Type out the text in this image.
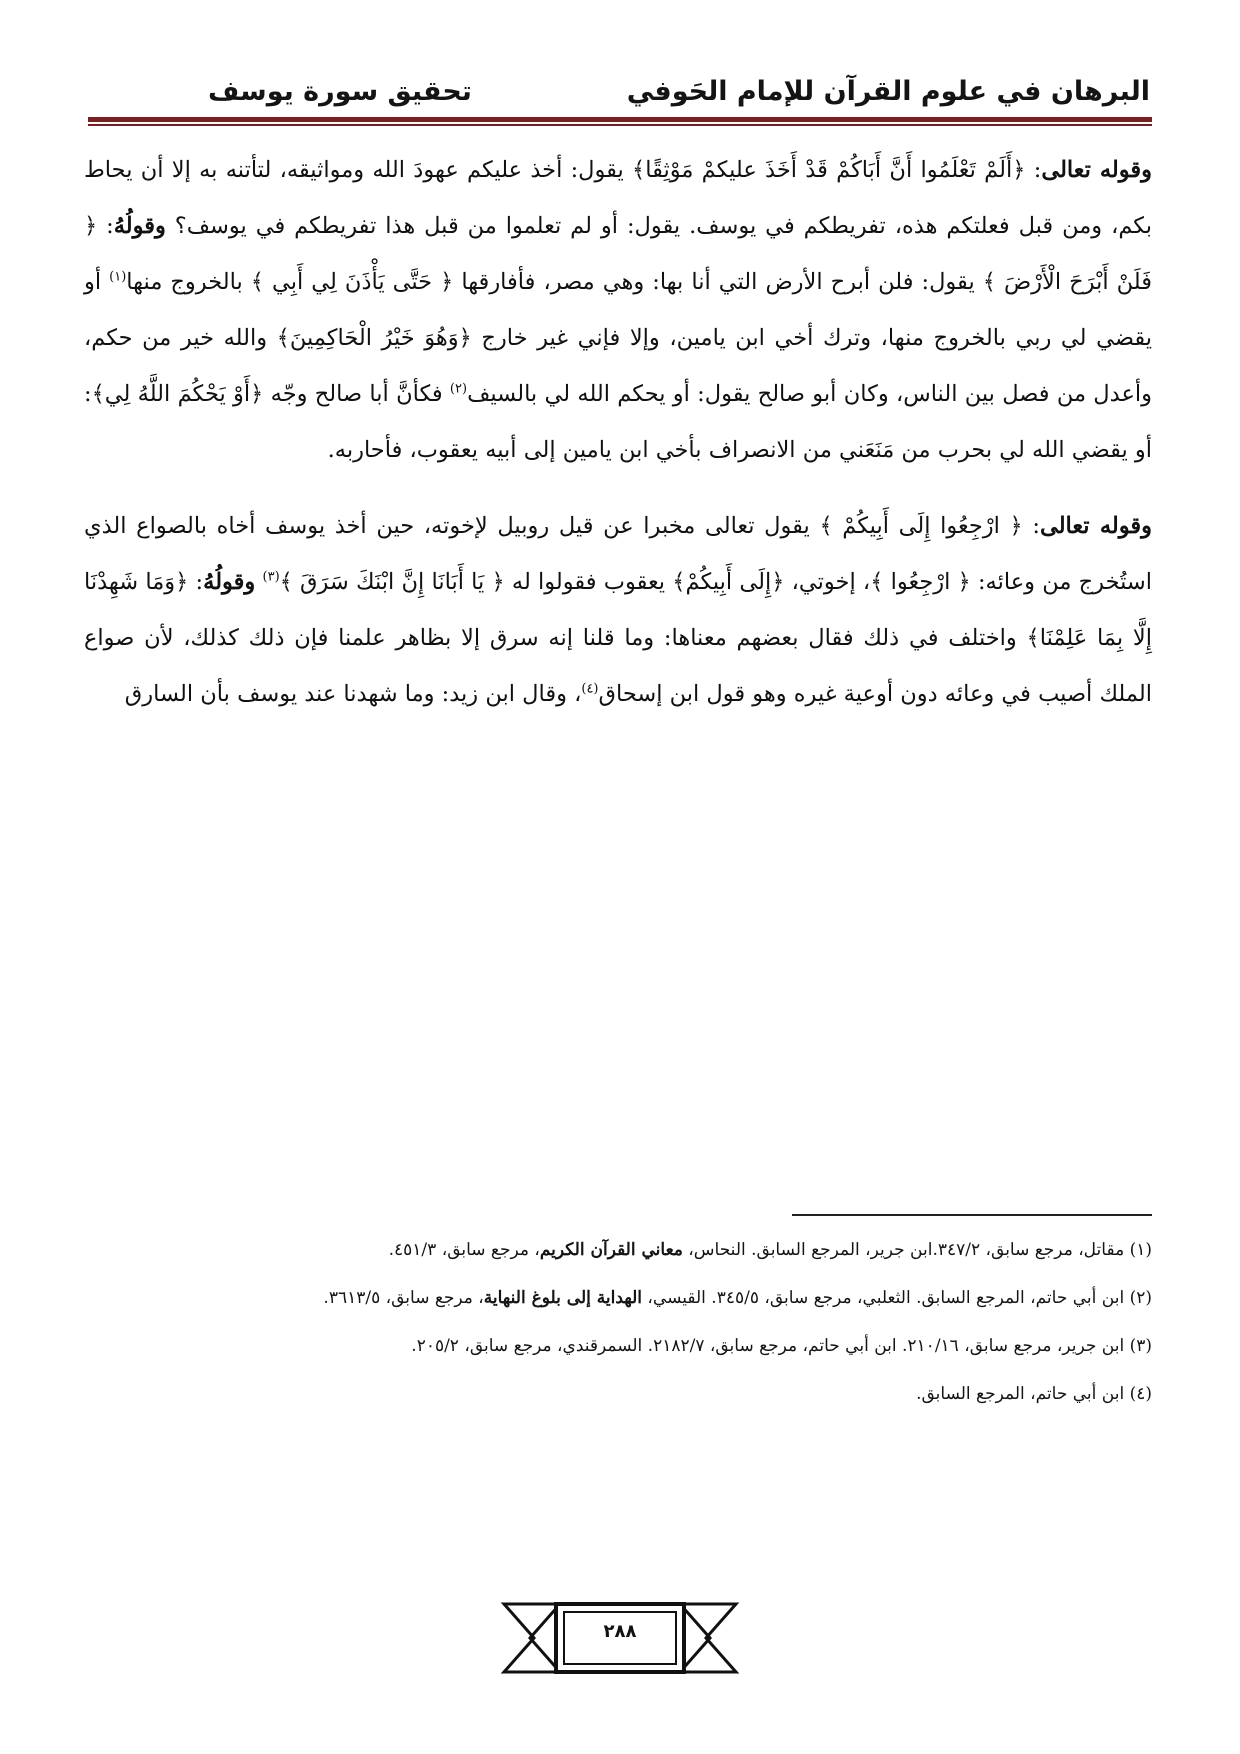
البرهان في علوم القرآن للإمام الحَوفي
تحقيق سورة يوسف

وقوله تعالى: ﴿أَلَمْ تَعْلَمُوا أَنَّ أَبَاكُمْ قَدْ أَخَذَ عليكمْ مَوْثِقًا﴾ يقول: أخذ عليكم عهودَ الله ومواثيقه، لتأتنه به إلا أن يحاط بكم، ومن قبل فعلتكم هذه، تفريطكم في يوسف. يقول: أو لم تعلموا من قبل هذا تفريطكم في يوسف؟ وقولُهُ: ﴿ فَلَنْ أَبْرَحَ الْأَرْضَ ﴾ يقول: فلن أبرح الأرض التي أنا بها: وهي مصر، فأفارقها ﴿ حَتَّى يَأْذَنَ لِي أَبِي ﴾ بالخروج منها$^{(١)}$ أو يقضي لي ربي بالخروج منها، وترك أخي ابن يامين، وإلا فإني غير خارج ﴿وَهُوَ خَيْرُ الْحَاكِمِينَ﴾ والله خير من حكم، وأعدل من فصل بين الناس، وكان أبو صالح يقول: أو يحكم الله لي بالسيف$^{(٢)}$ فكأنَّ أبا صالح وجّه ﴿أَوْ يَحْكُمَ اللَّهُ لِي﴾: أو يقضي الله لي بحرب من مَنَعَني من الانصراف بأخي ابن يامين إلى أبيه يعقوب، فأحاربه.

وقوله تعالى: ﴿ ارْجِعُوا إِلَى أَبِيكُمْ ﴾ يقول تعالى مخبرا عن قيل روبيل لإخوته، حين أخذ يوسف أخاه بالصواع الذي استُخرج من وعائه: ﴿ ارْجِعُوا ﴾، إخوتي، ﴿إِلَى أَبِيكُمْ﴾ يعقوب فقولوا له ﴿ يَا أَبَانَا إِنَّ ابْنَكَ سَرَقَ ﴾$^{(٣)}$ وقولُهُ: ﴿وَمَا شَهِدْنَا إِلَّا بِمَا عَلِمْنَا﴾ واختلف في ذلك فقال بعضهم معناها: وما قلنا إنه سرق إلا بظاهر علمنا فإن ذلك كذلك، لأن صواع الملك أصيب في وعائه دون أوعية غيره وهو قول ابن إسحاق$^{(٤)}$، وقال ابن زيد: وما شهدنا عند يوسف بأن السارق

(١) مقاتل، مرجع سابق، ٣٤٧/٢.ابن جرير، المرجع السابق. النحاس، معاني القرآن الكريم، مرجع سابق، ٤٥١/٣.

(٢) ابن أبي حاتم، المرجع السابق. الثعلبي، مرجع سابق، ٣٤٥/٥. القيسي، الهداية إلى بلوغ النهاية، مرجع سابق، ٣٦١٣/٥.

(٣) ابن جرير، مرجع سابق، ٢١٠/١٦. ابن أبي حاتم، مرجع سابق، ٢١٨٢/٧. السمرقندي، مرجع سابق، ٢٠٥/٢.

(٤) ابن أبي حاتم، المرجع السابق.

٢٨٨
